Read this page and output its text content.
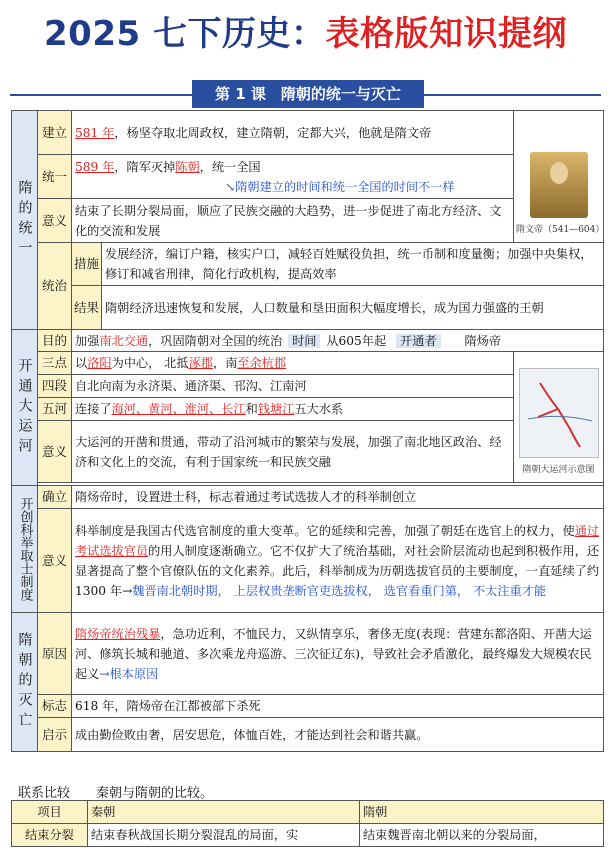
2025 七下历史：表格版知识提纲
第 1 课　隋朝的统一与灭亡
隋的统一	建立	581 年，杨坚夺取北周政权，建立隋朝，定都大兴，他就是隋文帝		隋文帝（541—604）

	统一	589 年，隋军灭掉陈朝，统一全国
↘隋朝建立的时间和统一全国的时间不一样		
	意义	结束了长期分裂局面，顺应了民族交融的大趋势，进一步促进了南北方经济、文化的交流和发展		
	统治	措施	发展经济，编订户籍，核实户口，减轻百姓赋役负担，统一币制和度量衡；加强中央集权，修订和减省刑律，简化行政机构，提高效率	
		结果	隋朝经济迅速恢复和发展，人口数量和垦田面积大幅度增长，成为国力强盛的王朝	

开通大运河	目的	加强南北交通，巩固隋朝对全国的统治 时间 从605年起 开通者 隋炀帝		
	三点	以洛阳为中心， 北抵涿郡，南至余杭郡		隋朝大运河示意图

	四段	自北向南为永济渠、通济渠、邗沟、江南河		
	五河	连接了海河、黄河、淮河、长江和钱塘江五大水系		
	意义	大运河的开凿和贯通，带动了沿河城市的繁荣与发展，加强了南北地区政治、经济和文化上的交流，有利于国家统一和民族交融		

开创科举取士制度	确立	隋炀帝时，设置进士科，标志着通过考试选拔人才的科举制创立		
	意义	科举制度是我国古代选官制度的重大变革。它的延续和完善，加强了朝廷在选官上的权力，使通过考试选拔官员的用人制度逐渐确立。它不仅扩大了统治基础，对社会阶层流动也起到积极作用，还显著提高了整个官僚队伍的文化素养。此后，科举制成为历朝选拔官员的主要制度，一直延续了约 1300 年→魏晋南北朝时期， 上层权贵垄断官吏选拔权， 选官看重门第， 不太注重才能		

隋朝的灭亡	原因	隋炀帝统治残暴，急功近利，不恤民力，又纵情享乐，奢侈无度(表现：营建东都洛阳、开凿大运河、修筑长城和驰道、多次乘龙舟巡游、三次征辽东)，导致社会矛盾激化，最终爆发大规模农民起义→根本原因		
	标志	618 年，隋炀帝在江都被部下杀死		
	启示	成由勤俭败由奢，居安思危，体恤百姓，才能达到社会和谐共赢。		
联系比较　　秦朝与隋朝的比较。
项目	秦朝	隋朝
结束分裂	结束春秋战国长期分裂混乱的局面，实	结束魏晋南北朝以来的分裂局面，
